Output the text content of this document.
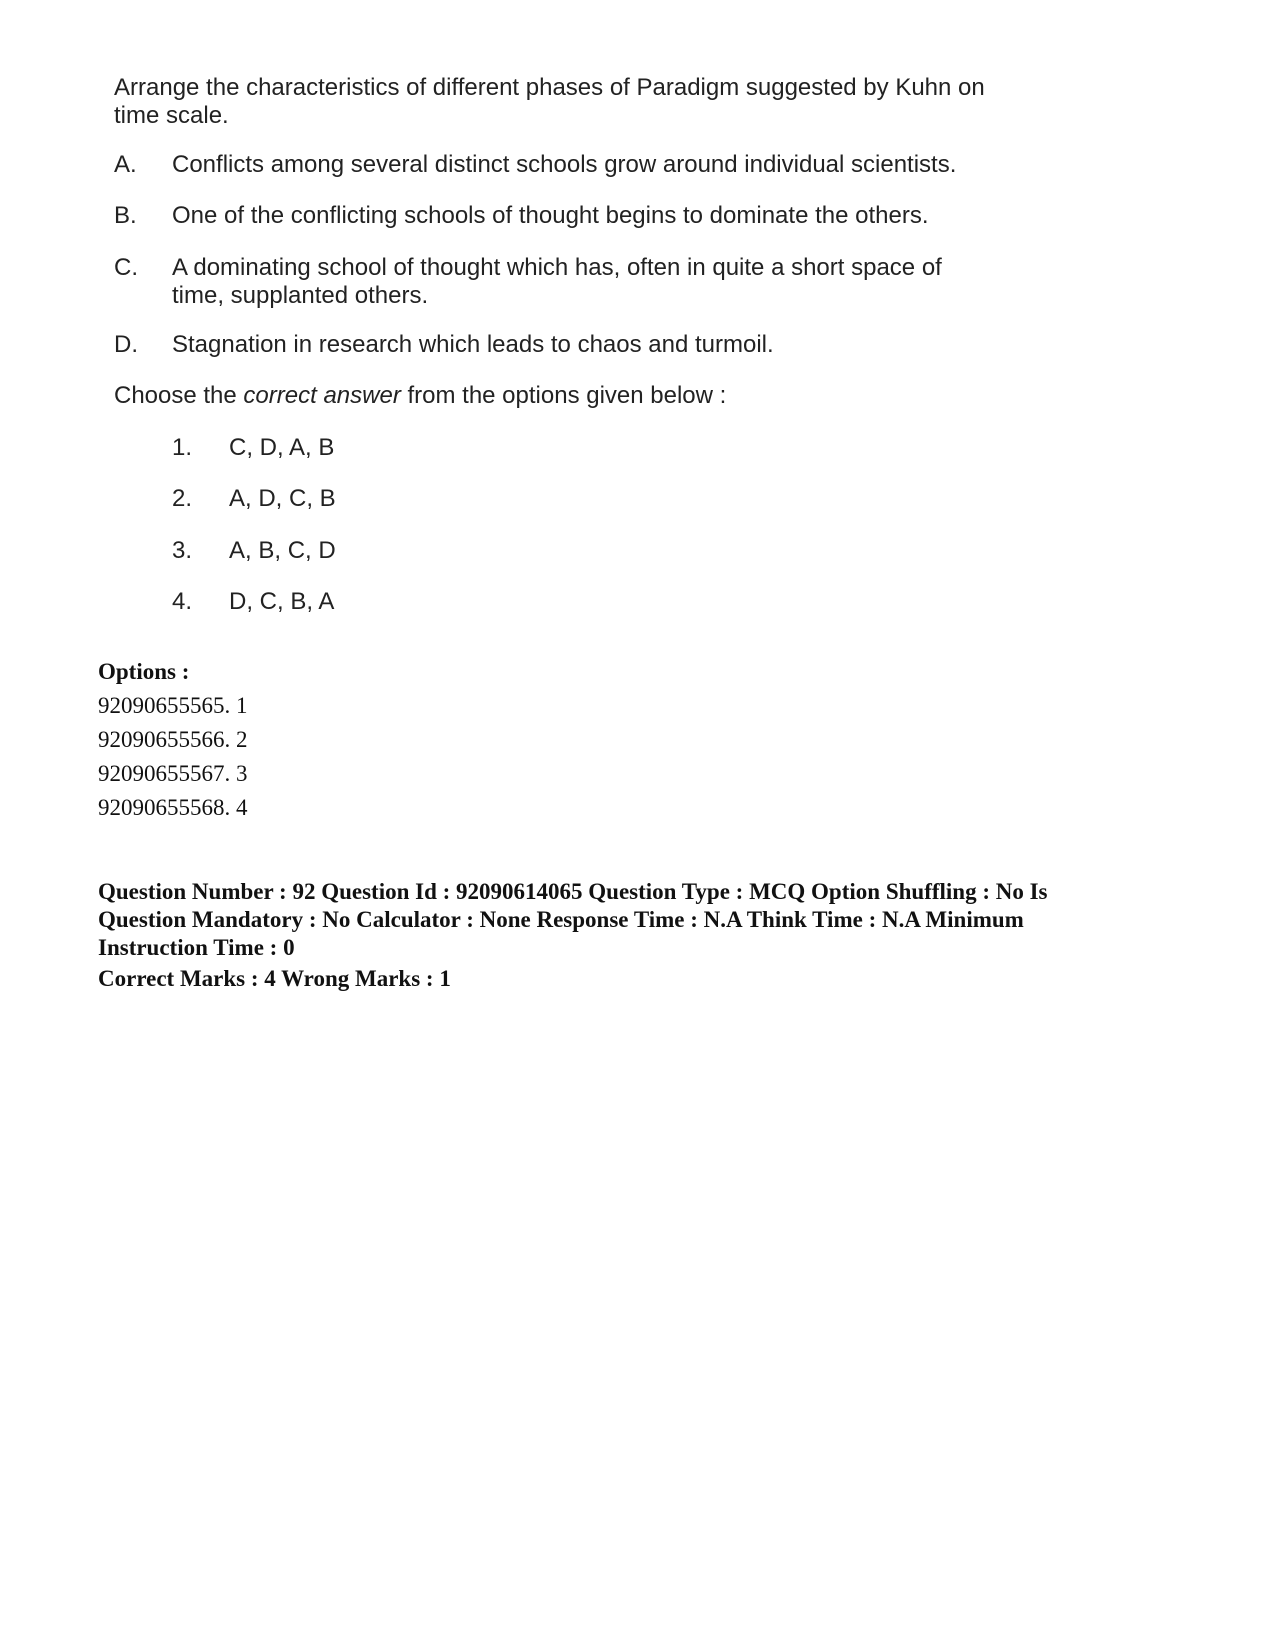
Arrange the characteristics of different phases of Paradigm suggested by Kuhn on time scale.
A. Conflicts among several distinct schools grow around individual scientists.
B. One of the conflicting schools of thought begins to dominate the others.
C. A dominating school of thought which has, often in quite a short space of time, supplanted others.
D. Stagnation in research which leads to chaos and turmoil.
Choose the correct answer from the options given below :
1. C, D, A, B
2. A, D, C, B
3. A, B, C, D
4. D, C, B, A
Options :
92090655565. 1
92090655566. 2
92090655567. 3
92090655568. 4
Question Number : 92 Question Id : 92090614065 Question Type : MCQ Option Shuffling : No Is
Question Mandatory : No Calculator : None Response Time : N.A Think Time : N.A Minimum
Instruction Time : 0
Correct Marks : 4 Wrong Marks : 1
